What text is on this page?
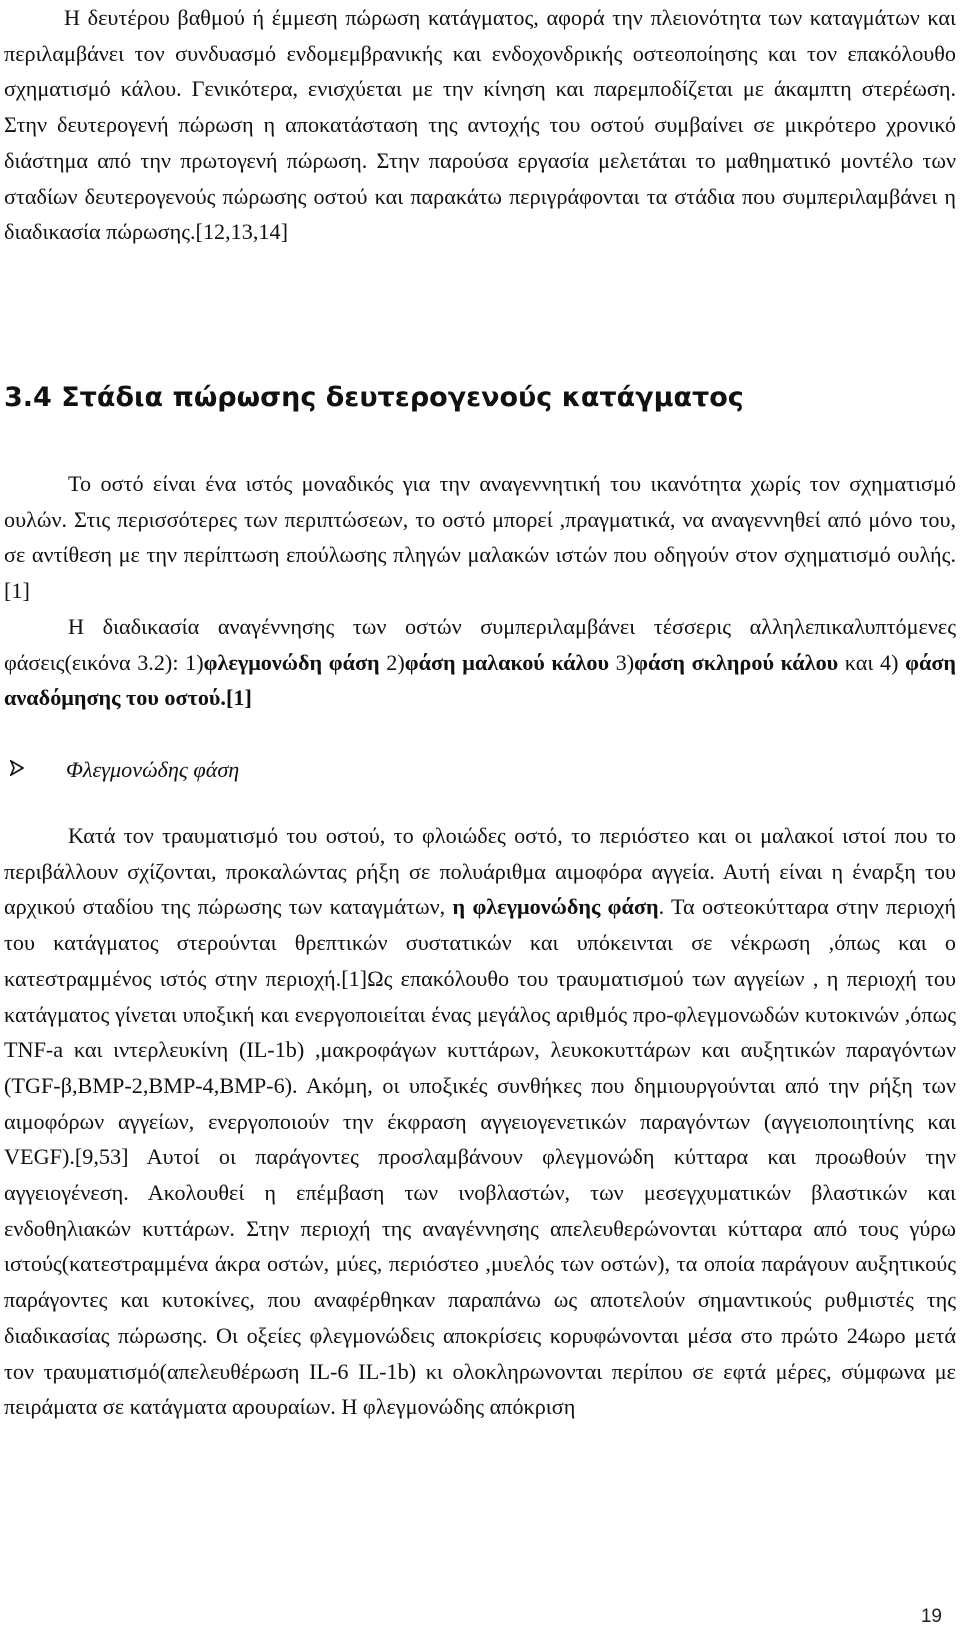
Η δευτέρου βαθμού ή έμμεση πώρωση κατάγματος, αφορά την πλειονότητα των καταγμάτων και περιλαμβάνει τον συνδυασμό ενδομεμβρανικής και ενδοχονδρικής οστεοποίησης και τον επακόλουθο σχηματισμό κάλου. Γενικότερα, ενισχύεται με την κίνηση και παρεμποδίζεται με άκαμπτη στερέωση. Στην δευτερογενή πώρωση η αποκατάσταση της αντοχής του οστού συμβαίνει σε μικρότερο χρονικό διάστημα από την πρωτογενή πώρωση. Στην παρούσα εργασία μελετάται το μαθηματικό μοντέλο των σταδίων δευτερογενούς πώρωσης οστού και παρακάτω περιγράφονται τα στάδια που συμπεριλαμβάνει η διαδικασία πώρωσης.[12,13,14]

3.4 Στάδια πώρωσης δευτερογενούς κατάγματος

Το οστό είναι ένα ιστός μοναδικός για την αναγεννητική του ικανότητα χωρίς τον σχηματισμό ουλών. Στις περισσότερες των περιπτώσεων, το οστό μπορεί ,πραγματικά, να αναγεννηθεί από μόνο του, σε αντίθεση με την περίπτωση επούλωσης πληγών μαλακών ιστών που οδηγούν στον σχηματισμό ουλής.[1]

Η διαδικασία αναγέννησης των οστών συμπεριλαμβάνει τέσσερις αλληλεπικαλυπτόμενες φάσεις(εικόνα 3.2): 1)φλεγμονώδη φάση 2)φάση μαλακού κάλου 3)φάση σκληρού κάλου και 4) φάση αναδόμησης του οστού.[1]

Φλεγμονώδης φάση

Κατά τον τραυματισμό του οστού, το φλοιώδες οστό, το περιόστεο και οι μαλακοί ιστοί που το περιβάλλουν σχίζονται, προκαλώντας ρήξη σε πολυάριθμα αιμοφόρα αγγεία. Αυτή είναι η έναρξη του αρχικού σταδίου της πώρωσης των καταγμάτων, η φλεγμονώδης φάση. Τα οστεοκύτταρα στην περιοχή του κατάγματος στερούνται θρεπτικών συστατικών και υπόκεινται σε νέκρωση ,όπως και ο κατεστραμμένος ιστός στην περιοχή.[1]Ως επακόλουθο του τραυματισμού των αγγείων , η περιοχή του κατάγματος γίνεται υποξική και ενεργοποιείται ένας μεγάλος αριθμός προ-φλεγμονωδών κυτοκινών ,όπως TNF-a και ιντερλευκίνη (IL-1b) ,μακροφάγων κυττάρων, λευκοκυττάρων και αυξητικών παραγόντων (TGF-β,BMP-2,BMP-4,BMP-6). Ακόμη, οι υποξικές συνθήκες που δημιουργούνται από την ρήξη των αιμοφόρων αγγείων, ενεργοποιούν την έκφραση αγγειογενετικών παραγόντων (αγγειοποιητίνης και VEGF).[9,53] Αυτοί οι παράγοντες προσλαμβάνουν φλεγμονώδη κύτταρα και προωθούν την αγγειογένεση. Ακολουθεί η επέμβαση των ινοβλαστών, των μεσεγχυματικών βλαστικών και ενδοθηλιακών κυττάρων. Στην περιοχή της αναγέννησης απελευθερώνονται κύτταρα από τους γύρω ιστούς(κατεστραμμένα άκρα οστών, μύες, περιόστεο ,μυελός των οστών), τα οποία παράγουν αυξητικούς παράγοντες και κυτοκίνες, που αναφέρθηκαν παραπάνω ως αποτελούν σημαντικούς ρυθμιστές της διαδικασίας πώρωσης. Οι οξείες φλεγμονώδεις αποκρίσεις κορυφώνονται μέσα στο πρώτο 24ωρο μετά τον τραυματισμό(απελευθέρωση IL-6 IL-1b) κι ολοκληρωνονται περίπου σε εφτά μέρες, σύμφωνα με πειράματα σε κατάγματα αρουραίων. Η φλεγμονώδης απόκριση

19
